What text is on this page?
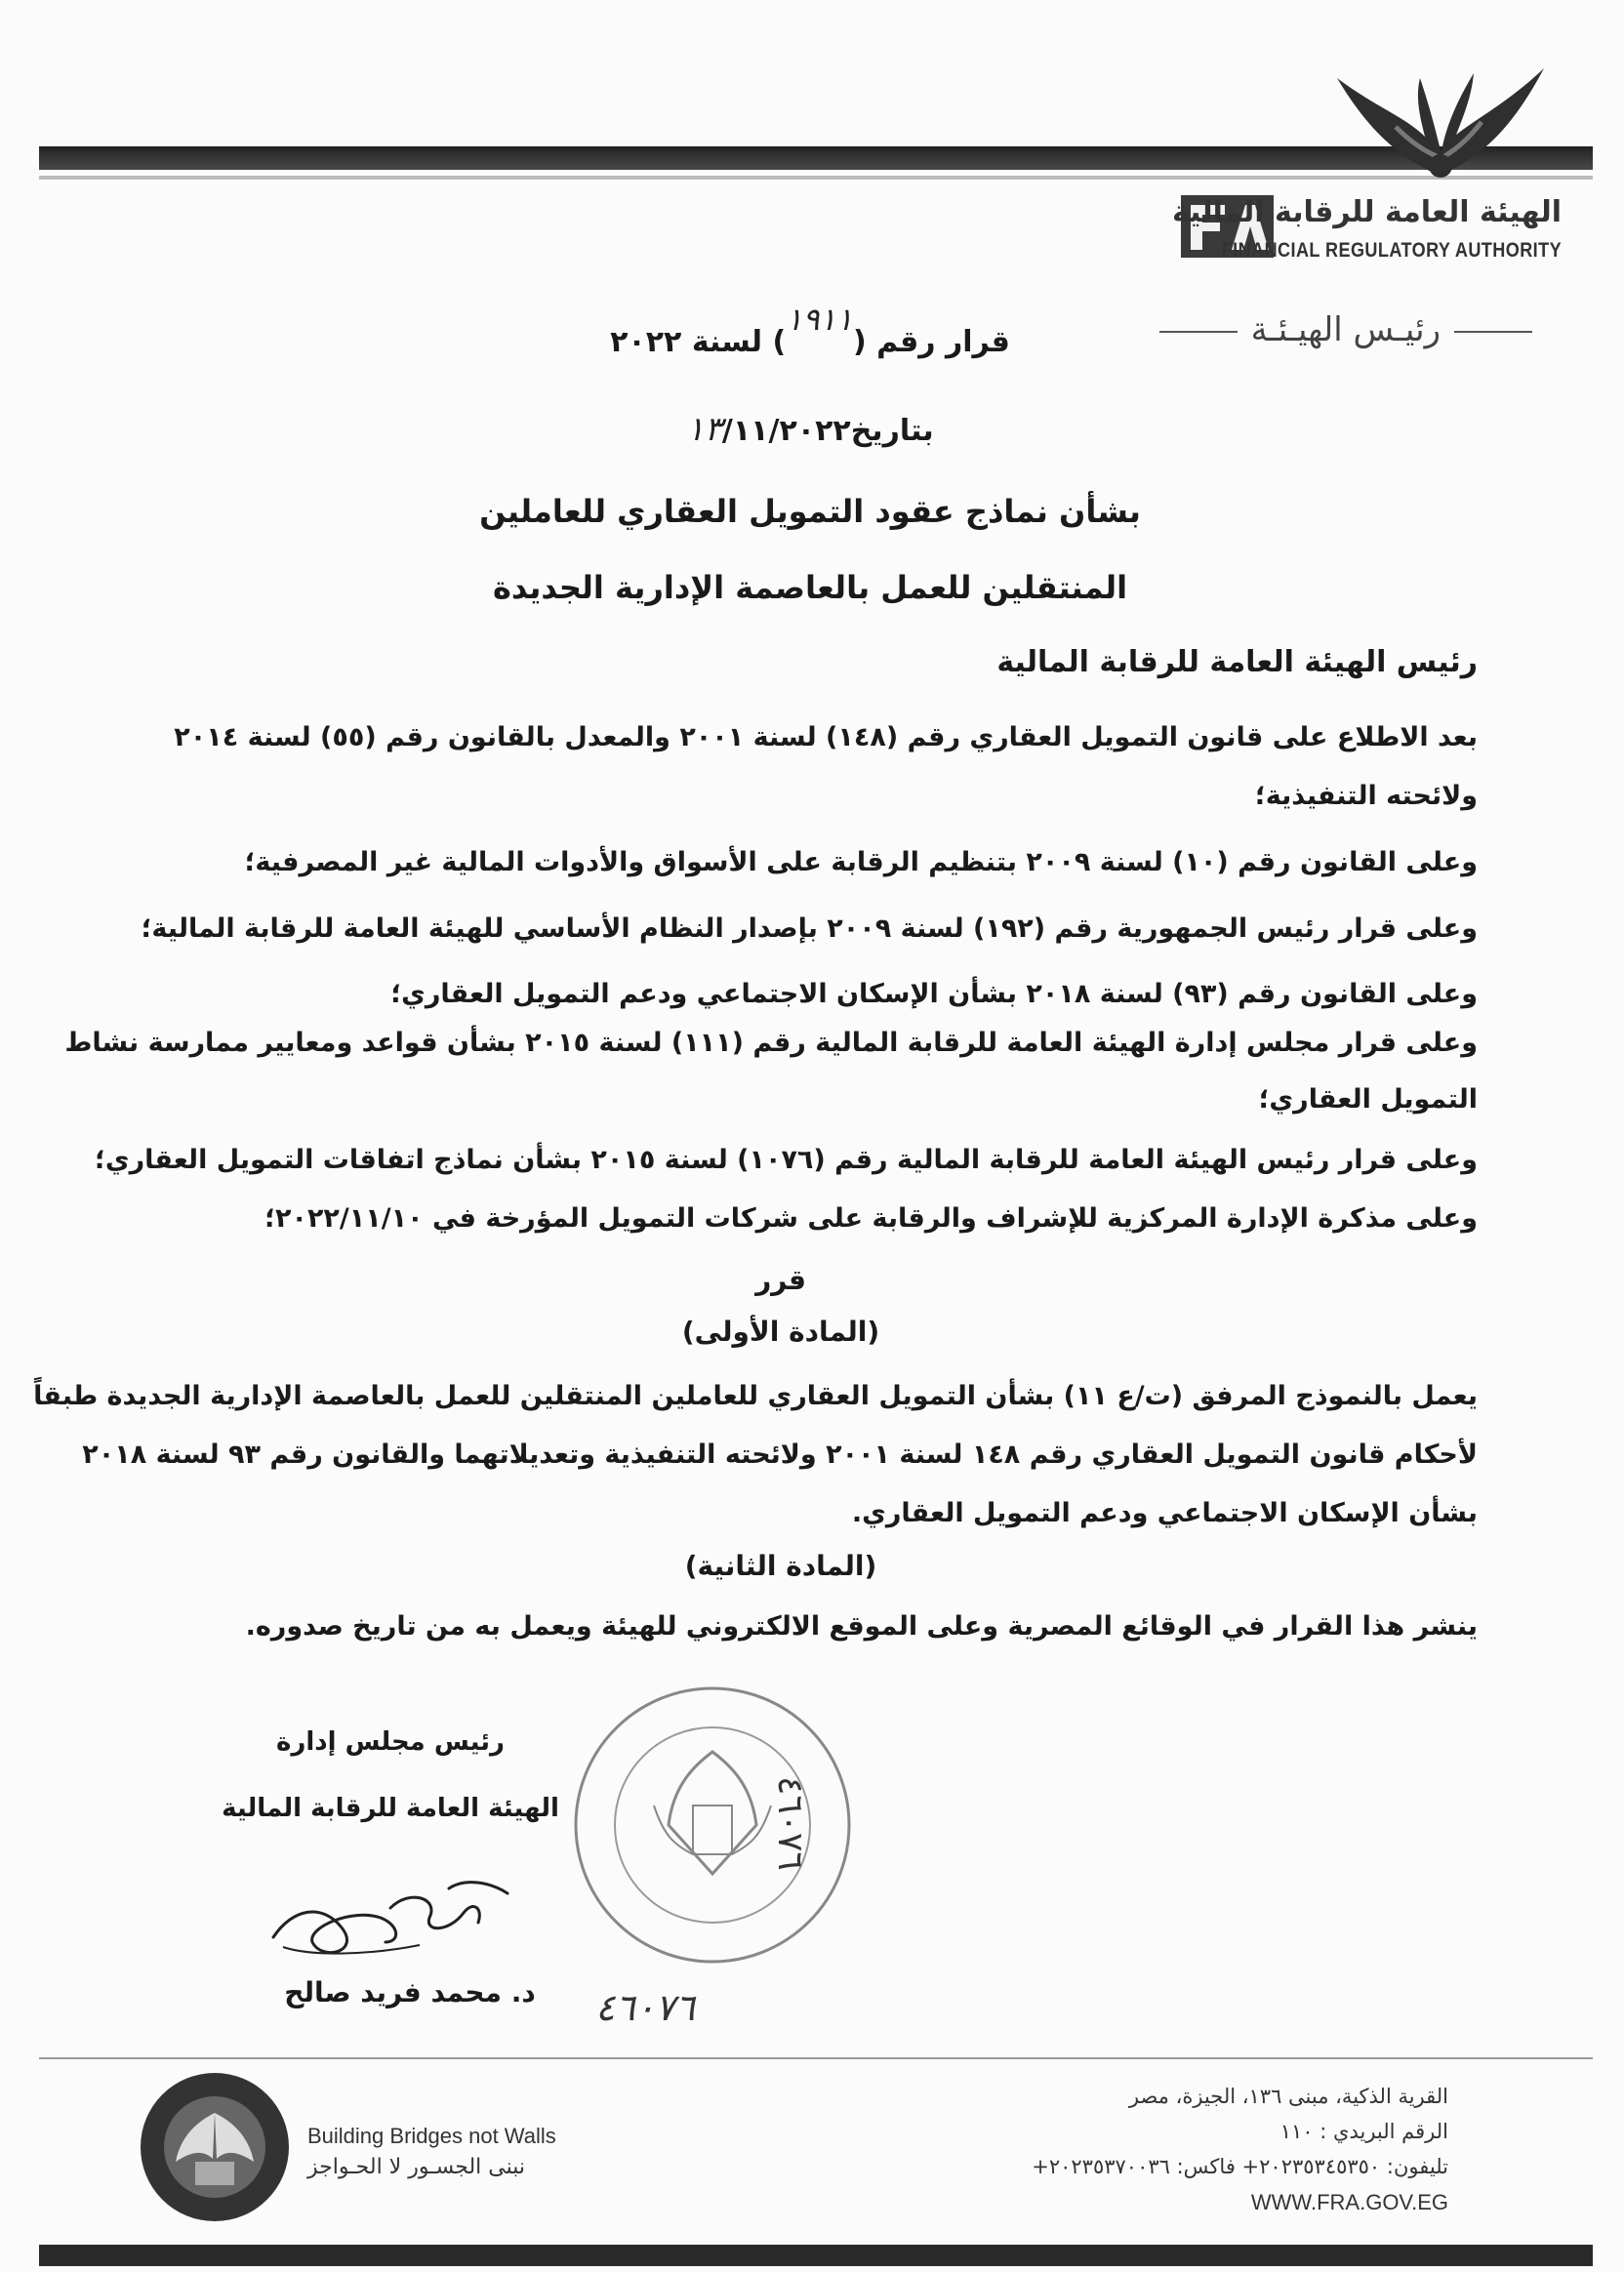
الهيئة العامة للرقابة المالية
FINANCIAL REGULATORY AUTHORITY
رئيـس الهيـئـة
قرار رقم (١٩١١) لسنة ٢٠٢٢
بتاريخ١٣/١١/٢٠٢٢
بشأن نماذج عقود التمويل العقاري للعاملين
المنتقلين للعمل بالعاصمة الإدارية الجديدة
رئيس الهيئة العامة للرقابة المالية
بعد الاطلاع على قانون التمويل العقاري رقم (١٤٨) لسنة ٢٠٠١ والمعدل بالقانون رقم (٥٥) لسنة ٢٠١٤
ولائحته التنفيذية؛
وعلى القانون رقم (١٠) لسنة ٢٠٠٩ بتنظيم الرقابة على الأسواق والأدوات المالية غير المصرفية؛
وعلى قرار رئيس الجمهورية رقم (١٩٢) لسنة ٢٠٠٩ بإصدار النظام الأساسي للهيئة العامة للرقابة المالية؛
وعلى القانون رقم (٩٣) لسنة ٢٠١٨ بشأن الإسكان الاجتماعي ودعم التمويل العقاري؛
وعلى قرار مجلس إدارة الهيئة العامة للرقابة المالية رقم (١١١) لسنة ٢٠١٥ بشأن قواعد ومعايير ممارسة نشاط
التمويل العقاري؛
وعلى قرار رئيس الهيئة العامة للرقابة المالية رقم (١٠٧٦) لسنة ٢٠١٥ بشأن نماذج اتفاقات التمويل العقاري؛
وعلى مذكرة الإدارة المركزية للإشراف والرقابة على شركات التمويل المؤرخة في ٢٠٢٢/١١/١٠؛
قرر
(المادة الأولى)
يعمل بالنموذج المرفق (ت/ع ١١) بشأن التمويل العقاري للعاملين المنتقلين للعمل بالعاصمة الإدارية الجديدة طبقاً
لأحكام قانون التمويل العقاري رقم ١٤٨ لسنة ٢٠٠١ ولائحته التنفيذية وتعديلاتهما والقانون رقم ٩٣ لسنة ٢٠١٨
بشأن الإسكان الاجتماعي ودعم التمويل العقاري.
(المادة الثانية)
ينشر هذا القرار في الوقائع المصرية وعلى الموقع الالكتروني للهيئة ويعمل به من تاريخ صدوره.
رئيس مجلس إدارة
الهيئة العامة للرقابة المالية
د. محمد فريد صالح
٤٦٠٧٦
٤٦٠٧٦
Building Bridges not Walls
نبنى الجسـور لا الحـواجز
القرية الذكية، مبنى ١٣٦، الجيزة، مصر
الرقم البريدي : ١١٠
تليفون: ٢٠٢٣٥٣٤٥٣٥٠+ فاكس: ٢٠٢٣٥٣٧٠٠٣٦+
WWW.FRA.GOV.EG
